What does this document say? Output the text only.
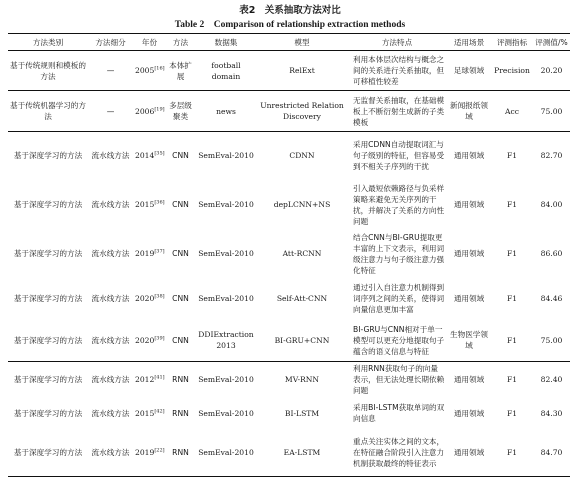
表2　关系抽取方法对比
Table 2　Comparison of relationship extraction methods
方法类别	方法细分	年份	方法	数据集	模型	方法特点	适用场景	评测指标	评测值/%
基于传统规则和模板的方法	—	2005[16]	本体扩展	football domain	RelExt	利用本体层次结构与概念之间的关系进行关系抽取，但可移植性较差	足球领域	Precision	20.20
基于传统机器学习的方法	—	2006[19]	多层级聚类	news	Unrestricted Relation Discovery	无监督关系抽取，在基础模板上不断衍射生成新的子类模板	新闻报纸领域	Acc	75.00
基于深度学习的方法	流水线方法	2014[35]	CNN	SemEval-2010	CDNN	采用CDNN自动提取词汇与句子级别的特征，但容易受到不相关子序列的干扰	通用领域	F1	82.70
基于深度学习的方法	流水线方法	2015[36]	CNN	SemEval-2010	depLCNN+NS	引入最短依赖路径与负采样策略来避免无关序列的干扰，并解决了关系的方向性问题	通用领域	F1	84.00
基于深度学习的方法	流水线方法	2019[37]	CNN	SemEval-2010	Att-RCNN	结合CNN与BI-GRU提取更丰富的上下文表示，利用词级注意力与句子级注意力强化特征	通用领域	F1	86.60
基于深度学习的方法	流水线方法	2020[38]	CNN	SemEval-2010	Self-Att-CNN	通过引入自注意力机制得到词序列之间的关系，使得词向量信息更加丰富	通用领域	F1	84.46
基于深度学习的方法	流水线方法	2020[39]	CNN	DDIExtraction 2013	BI-GRU+CNN	BI-GRU与CNN相对于单一模型可以更充分地提取句子蕴含的语义信息与特征	生物医学领域	F1	75.00
基于深度学习的方法	流水线方法	2012[41]	RNN	SemEval-2010	MV-RNN	利用RNN获取句子的向量表示，但无法处理长期依赖问题	通用领域	F1	82.40
基于深度学习的方法	流水线方法	2015[42]	RNN	SemEval-2010	BI-LSTM	采用BI-LSTM获取单词的双向信息	通用领域	F1	84.30
基于深度学习的方法	流水线方法	2019[22]	RNN	SemEval-2010	EA-LSTM	重点关注实体之间的文本，在特征融合阶段引入注意力机制获取最终的特征表示	通用领域	F1	84.70
